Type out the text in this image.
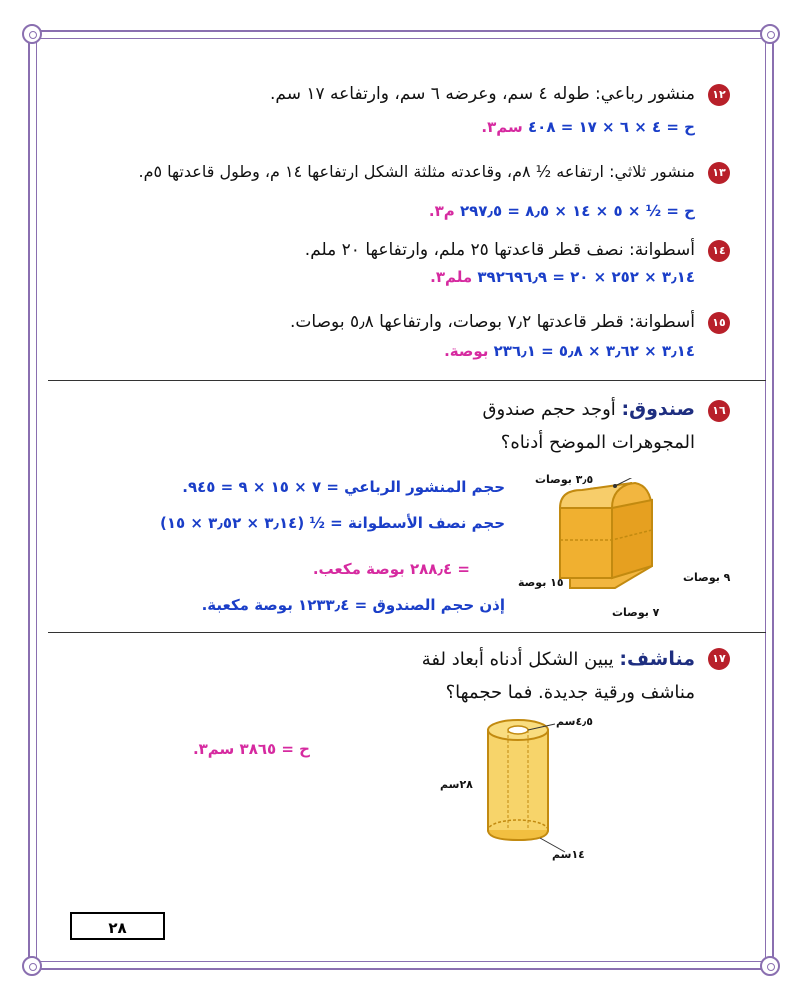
١٢
منشور رباعي: طوله ٤ سم، وعرضه ٦ سم، وارتفاعه ١٧ سم.
ح = ٤ × ٦ × ١٧ = ٤٠٨ سم٣.
١٣
منشور ثلاثي: ارتفاعه ½ ٨م، وقاعدته مثلثة الشكل ارتفاعها ١٤ م، وطول قاعدتها ٥م.
ح = ½ × ٥ × ١٤ × ٨٫٥ = ٢٩٧٫٥ م٣.
١٤
أسطوانة: نصف قطر قاعدتها ٢٥ ملم، وارتفاعها ٢٠ ملم.
٣٫١٤ × ٢٥٢ × ٢٠ = ٣٩٢٦٩٦٫٩ ملم٣.
١٥
أسطوانة: قطر قاعدتها ٧٫٢ بوصات، وارتفاعها ٥٫٨ بوصات.
٣٫١٤ × ٣٫٦٢ × ٥٫٨ = ٢٣٦٫١ بوصة.
١٦
صندوق: أوجد حجم صندوق
المجوهرات الموضح أدناه؟
حجم المنشور الرباعي = ٧ × ١٥ × ٩ = ٩٤٥.
حجم نصف الأسطوانة = ½ (٣٫١٤ × ٣٫٥٢ × ١٥)
= ٢٨٨٫٤ بوصة مكعب.
إذن حجم الصندوق = ١٢٣٣٫٤ بوصة مكعبة.
٣٫٥ بوصات
٩ بوصات
١٥ بوصة
٧ بوصات
١٧
مناشف: يبين الشكل أدناه أبعاد لفة
مناشف ورقية جديدة. فما حجمها؟
ح = ٣٨٦٥ سم٣.
٤٫٥سم
٢٨سم
١٤سم
٢٨
